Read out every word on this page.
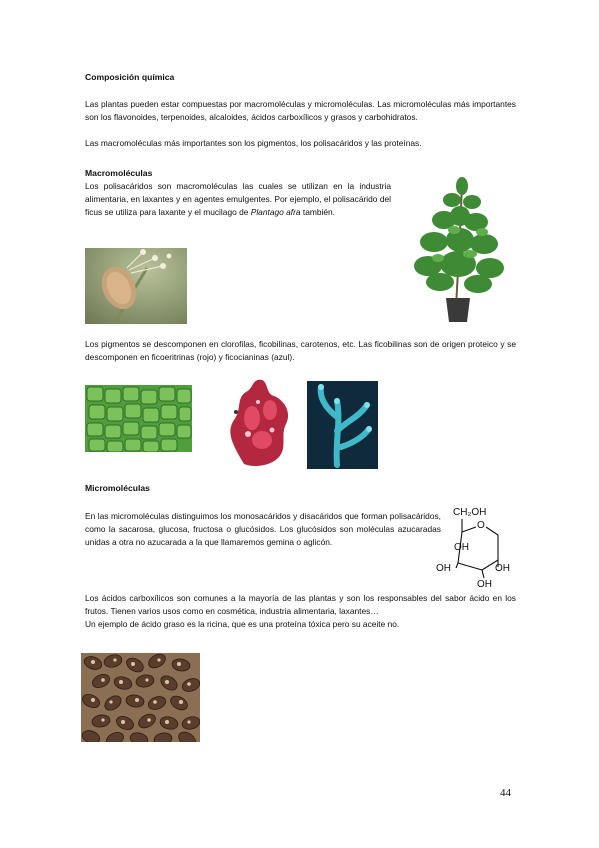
Composición química
Las plantas pueden estar compuestas por macromoléculas y micromoléculas. Las micromoléculas más importantes son los flavonoides, terpenoides, alcaloides, ácidos carboxílicos y grasos y carbohidratos.
Las macromoléculas más importantes son los pigmentos, los polisacáridos y las proteínas.
Macromoléculas
Los polisacáridos son macromoléculas las cuales se utilizan en la industria alimentaria, en laxantes y en agentes emulgentes. Por ejemplo, el polisacárido del ficus se utiliza para laxante y el mucilago de Plantago afra también.
Los pigmentos se descomponen en clorofilas, ficobilinas, carotenos, etc. Las ficobilinas son de origen proteico y se descomponen en ficoeritrinas (rojo) y ficocianinas (azul).
Micromoléculas
En las micromoléculas distinguimos los monosacáridos y disacáridos que forman polisacáridos, como la sacarosa, glucosa, fructosa o glucósidos. Los glucósidos son moléculas azucaradas unidas a otra no azucarada a la que llamaremos gemina o aglicón.
CH₂OH
O
OH
OH	OH
OH
Los ácidos carboxílicos son comunes a la mayoría de las plantas y son los responsables del sabor ácido en los frutos. Tienen varios usos como en cosmética, industria alimentaria, laxantes…
Un ejemplo de ácido graso es la ricina, que es una proteína tóxica pero su aceite no.
44
